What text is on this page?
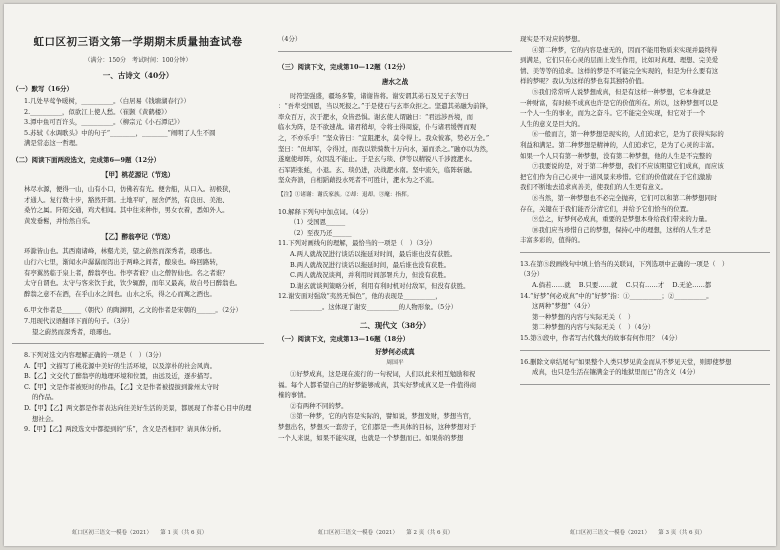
虹口区初三语文第一学期期末质量抽查试卷
（满分：150分　考试时间：100分钟）
一、古诗文（40分）
（一）默写（16分）
1.几处早莺争暖树，__________。（白居易《钱塘湖春行》）
2.__________，似欲江上使人愁。（崔颢《黄鹤楼》）
3.潭中鱼可百许头，__________。（柳宗元《小石潭记》）
5.苏轼《水调歌头》中的句子“________，________”阐明了人生不圆
满是常态这一哲理。
（二）阅读下面两段选文，完成第6—9题（12分）
【甲】桃花源记（节选）
林尽水源，便得一山，山有小口，仿佛若有光。便舍船，从口入。初极狭，
才通人。复行数十步，豁然开朗。土地平旷，屋舍俨然，有良田、美池、
桑竹之属。阡陌交通，鸡犬相闻。其中往来种作，男女衣着，悉如外人。
黄发垂髫，并怡然自乐。
【乙】醉翁亭记（节选）
环滁皆山也。其西南诸峰，林壑尤美，望之蔚然而深秀者，琅琊也。
山行六七里，渐闻水声潺潺而泻出于两峰之间者，酿泉也。峰回路转，
有亭翼然临于泉上者，醉翁亭也。作亭者谁？山之僧智仙也。名之者谁？
太守自谓也。太守与客来饮于此，饮少辄醉，而年又最高，故自号曰醉翁也。
醉翁之意不在酒，在乎山水之间也。山水之乐，得之心而寓之酒也。
6.甲文作者是______（朝代）的陶渊明，乙文的作者是宋朝的______。（2分）
7.用现代汉语翻译下面的句子。（3分）
望之蔚然而深秀者，琅琊也。
8.下列对选文内容理解正确的一项是（　）（3分）
A.【甲】文描写了桃花源中美好的生活环境，以及淳朴的社会风尚。
B.【乙】文交代了醉翁亭的地理环境和位置，由远及近，逐步描写。
C.【甲】文是作者被贬时的作品，【乙】文是作者被提拔到滁州太守时
的作品。
D.【甲】【乙】两文都是作者表达向往美好生活的美景，都展现了作者心目中的理
想社会。
9.【甲】【乙】两段选文中都提到的“乐”，含义是否相同？请具体分析。
虹口区初三语文一模卷（2021）　　第 1 页（共 6 页）
（4分）
（三）阅读下文，完成第10—12题（12分）
唐水之战
时符坚强盛，疆场多警，诸谢皆将。谢安谓其弟石及兄子玄等曰
：“吾辈受国恩，当以死报之。”于是使石与玄率众拒之。坚遣其弟融为前锋，
率众百万，次于淝水，众皆恐惧。谢玄使人谓融曰：“君远涉吾境，而
临水为阵，是不欲速战。诸君稍却，令将士得周旋，仆与诸君缓辔而观
之，不亦乐乎！”坚众皆曰：“宜阻淝水，莫令得上。我众彼寡，势必万全。”
坚曰：“但却军，令得过，而我以铁骑数十万向水，逼而杀之。”融亦以为然，
遂麾使却阵，众因乱不能止。于是玄与琰、伊等以精锐八千涉渡淝水。
石军距张蚝，小退。玄、琰仍进，决战淝水南。坚中流矢，临阵斩融。
坚众奔溃，自相蹈藉投水死者不可胜计，淝水为之不流。
【注】①诸谢：谢氏家族。②却：退却。③麾：指挥。
10.解释下列句中加点词。（4分）
（1）受国恩______
（2）至夜乃还______
11.下列对画线句的理解，最恰当的一项是（　）（3分）
A.两人就战况进行谈话以拖延对时间，最后谁也没有获胜。
B.两人就战况进行谈话以拖延时间，最后谁也没有获胜。
C.两人就战况谈判，并利用时间部署兵力，但没有获胜。
D.谢玄就谈判策略分析，利用有利时机对付敌军，但没有获胜。
12.谢安面对强敌“夷然无惧色”，他的表现是__________，
__________。这体现了谢安__________的人物形象。（5分）
二、现代文（38分）
（一）阅读下文，完成第13—16题（18分）
好梦何必成真
周国平
①好梦成真，这是现在流行的一句祝词，人们以此来相互勉励和祝
福。每个人都希望自己的好梦能够成真，其实好梦成真又是一件值得商
榷的事情。
②有两种不同的梦。
③第一种梦，它的内容是实际的，譬如说，梦想发财，梦想当官，
梦想出名，梦想买一套房子，它们都是一些具体的目标，这种梦想对于
一个人来说，如果不能实现，也就是一个梦想而已。如果你的梦想
虹口区初三语文一模卷（2021）　　第 2 页（共 6 页）
现实是不对应的梦想。
④第二种梦，它的内容是虚无的，因而不能用物质来实现并最终得
到满足，它们只在心灵的层面上发生作用，比如对真理、理想、完美爱
情、美等等的追求。这样的梦是不可能完全实现的，但是为什么要有这
样的梦呢？我认为这样的梦也有其独特价值。
⑤我们常常听人说梦想成真，但是有这样一种梦想，它本身就是
一种财富，有时候不成真也许是它的价值所在。所以，这种梦想可以是
一个人一生的事业，而为之奋斗。它不能完全实现，但它对于一个
人生的意义是巨大的。
⑥一般而言，第一种梦想是现实的，人们追求它，是为了获得实际的
利益和满足。第二种梦想是精神的，人们追求它，是为了心灵的丰富。
如果一个人只有第一种梦想，没有第二种梦想，他的人生是不完整的
⑦我要说的是，对于第二种梦想，我们不应该期望它们成真，而应该
把它们作为自己心灵中一道风景来珍惜。它们的价值就在于它们激励
我们不断地去追求真善美，使我们的人生更有意义。
⑧当然，第一种梦想也不必完全抛弃，它们可以和第二种梦想同时
存在，关键在于我们能否分清它们，并给予它们恰当的位置。
⑨总之，好梦何必成真，重要的是梦想本身给我们带来的力量。
⑩我们应当珍惜自己的梦想，保持心中的理想，这样的人生才是
丰富多彩的，值得的。
13.在第⑤段画线句中填上恰当的关联词，下列选项中正确的一项是（　）
（3分）
A.倘若……就 B.只要……就 C.只有……才 D.无论……都
14.“好梦”何必成真”中的“好梦”指：①__________；②__________。
这两种“梦想”（4分）
第一种梦想的内容与实际无关（　）
第二种梦想的内容与实际无关（　）（4分）
15.第⑤段中，作者写古代魏夫的故事有何作用？（4分）
16.删除文章结尾句“如果整个人类只梦见黄金而从不梦见天堂，则即使梦想
成真，也只是生活在镶满金子的地狱里而已”的含义（4分）
虹口区初三语文一模卷（2021）　　第 3 页（共 6 页）
